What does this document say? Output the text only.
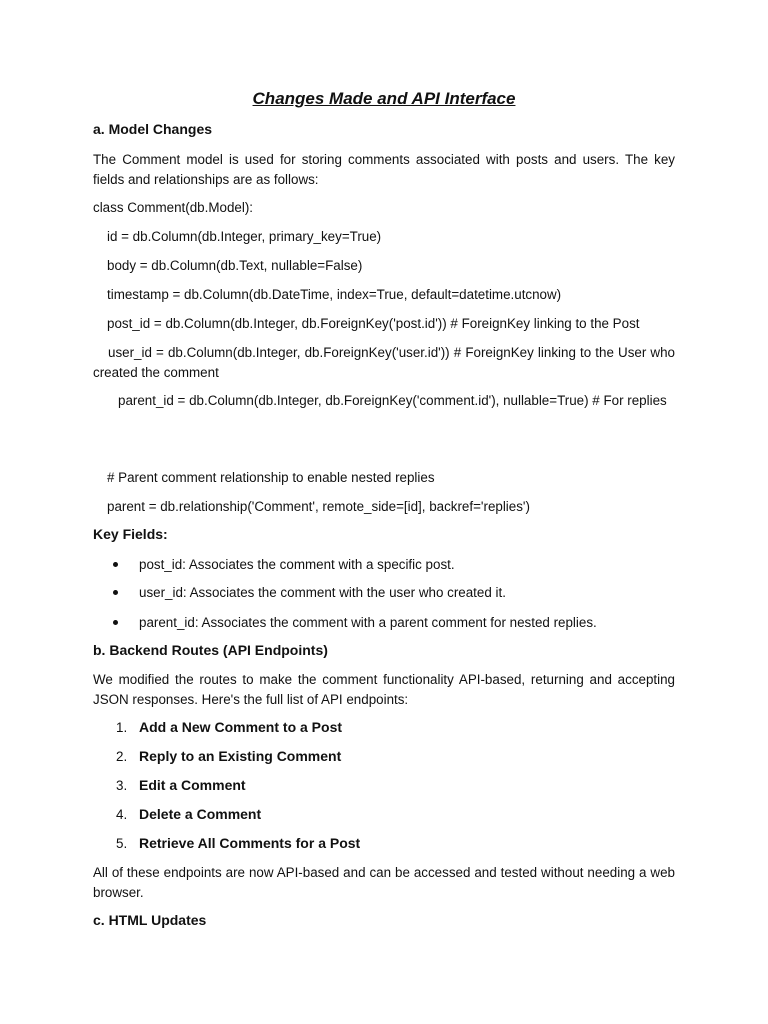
Changes Made and API Interface
a. Model Changes
The Comment model is used for storing comments associated with posts and users. The key fields and relationships are as follows:
class Comment(db.Model):
id = db.Column(db.Integer, primary_key=True)
body = db.Column(db.Text, nullable=False)
timestamp = db.Column(db.DateTime, index=True, default=datetime.utcnow)
post_id = db.Column(db.Integer, db.ForeignKey('post.id')) # ForeignKey linking to the Post
user_id = db.Column(db.Integer, db.ForeignKey('user.id')) # ForeignKey linking to the User who created the comment
parent_id = db.Column(db.Integer, db.ForeignKey('comment.id'), nullable=True) # For replies
# Parent comment relationship to enable nested replies
parent = db.relationship('Comment', remote_side=[id], backref='replies')
Key Fields:
post_id: Associates the comment with a specific post.
user_id: Associates the comment with the user who created it.
parent_id: Associates the comment with a parent comment for nested replies.
b. Backend Routes (API Endpoints)
We modified the routes to make the comment functionality API-based, returning and accepting JSON responses. Here's the full list of API endpoints:
1. Add a New Comment to a Post
2. Reply to an Existing Comment
3. Edit a Comment
4. Delete a Comment
5. Retrieve All Comments for a Post
All of these endpoints are now API-based and can be accessed and tested without needing a web browser.
c. HTML Updates
